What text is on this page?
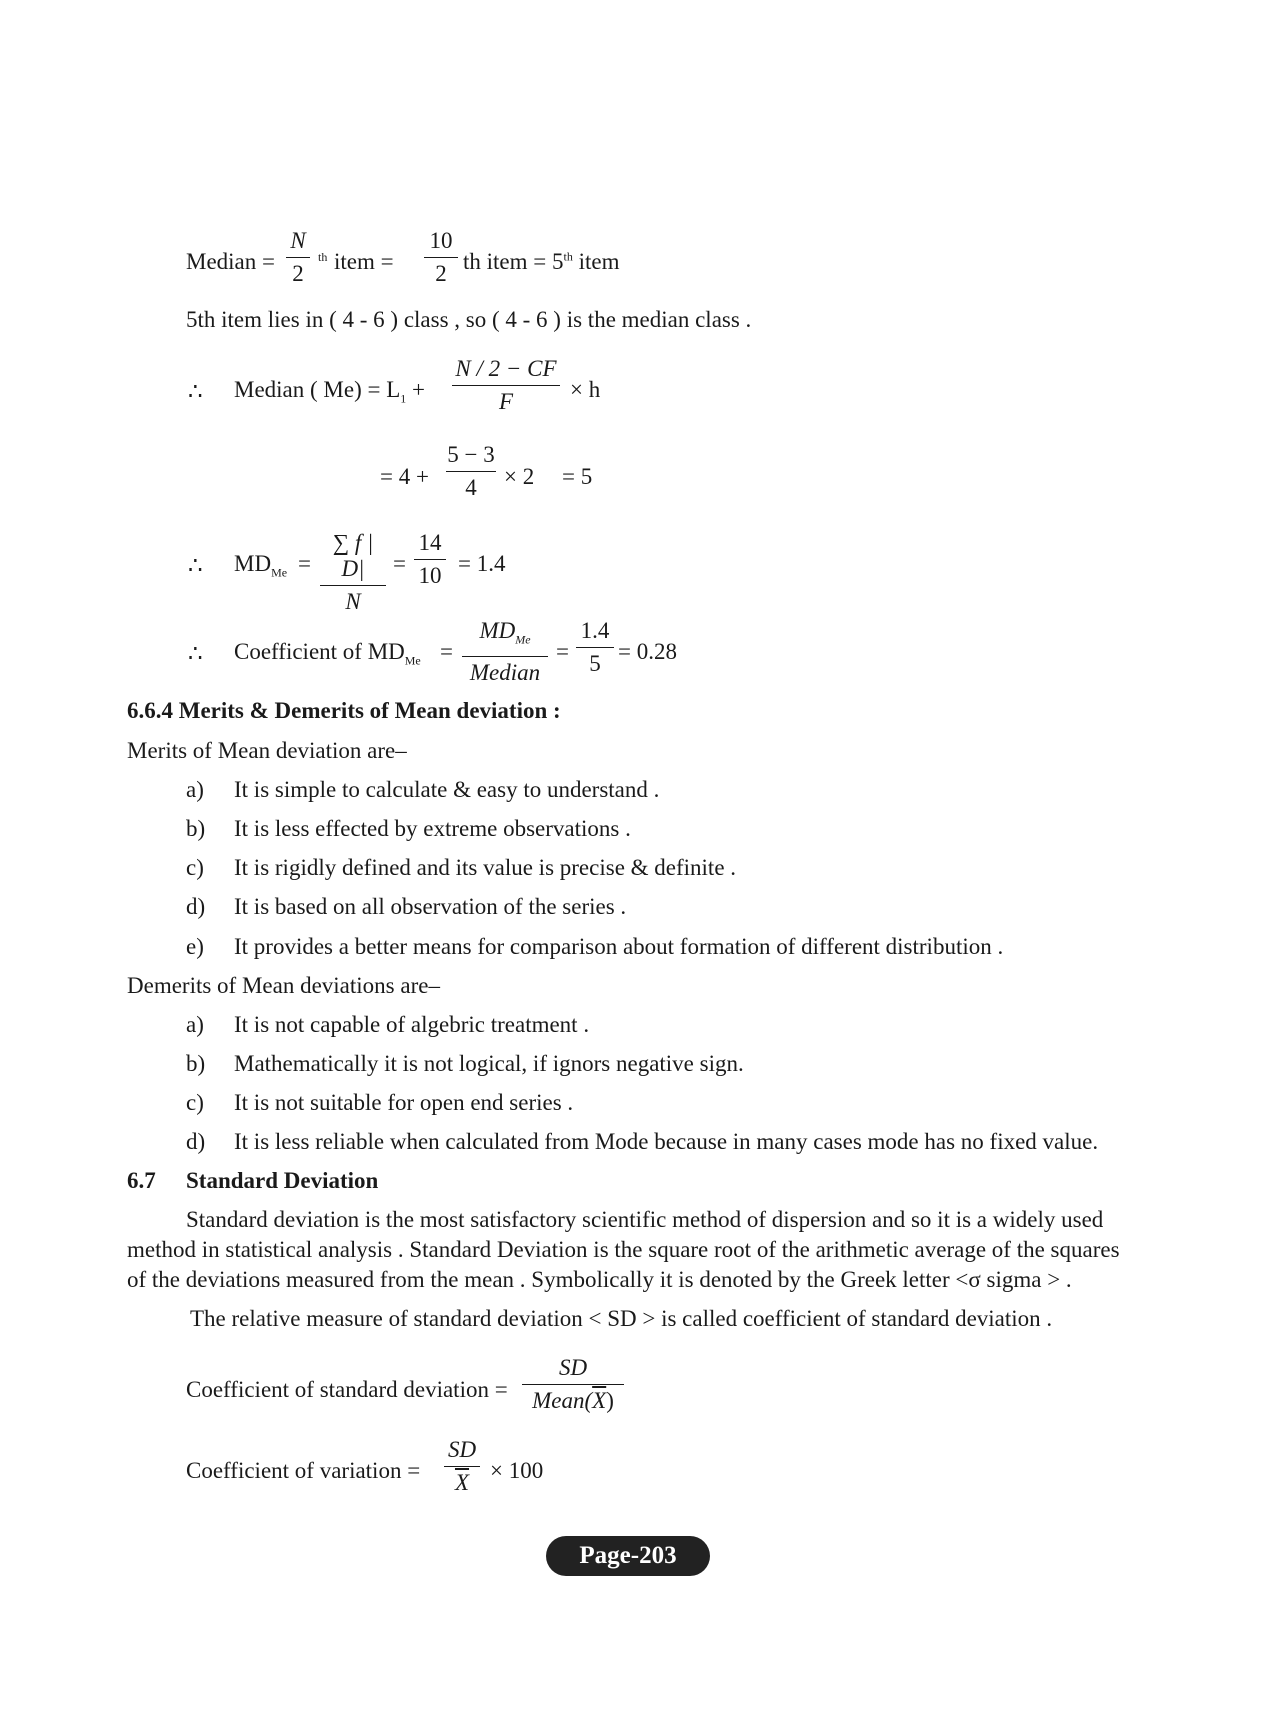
Median =
N
2
th item =
10
2 th item = 5th item
5th item lies in ( 4 - 6 ) class , so ( 4 - 6 ) is the median class .
∴ Median ( $Me) = L_1$ +
N / 2 − CF
F	× h
= 4 +
5 − 3
4	× 2 = 5
∴ $MD_{Me}$ =
∑ f | D|
N
=
14
10 = 1.4
∴ Coefficient of $MD_{Me}$ =
$MD_{Me}$
Median
=
1.4
5 = 0.28
6.6.4 Merits & Demerits of Mean deviation :
Merits of Mean deviation are–
a) It is simple to calculate & easy to understand .
b) It is less effected by extreme observations .
c) It is rigidly defined and its value is precise & definite .
d) It is based on all observation of the series .
e) It provides a better means for comparison about formation of different distribution .
Demerits of Mean deviations are–
a) It is not capable of algebric treatment .
b) Mathematically it is not logical, if ignors negative sign.
c) It is not suitable for open end series .
d) It is less reliable when calculated from Mode because in many cases mode has no fixed value.
6.7 Standard Deviation
Standard deviation is the most satisfactory scientific method of dispersion and so it is a widely used
method in statistical analysis . Standard Deviation is the square root of the arithmetic average of the squares
of the deviations measured from the mean . Symbolically it is denoted by the Greek letter <σ sigma > .
The relative measure of standard deviation < SD > is called coefficient of standard deviation .
Coefficient of standard deviation =
SD
$Mean(\overline{X})$
Coefficient of variation = $\frac{SD}{X} \times 100$
Page-203
